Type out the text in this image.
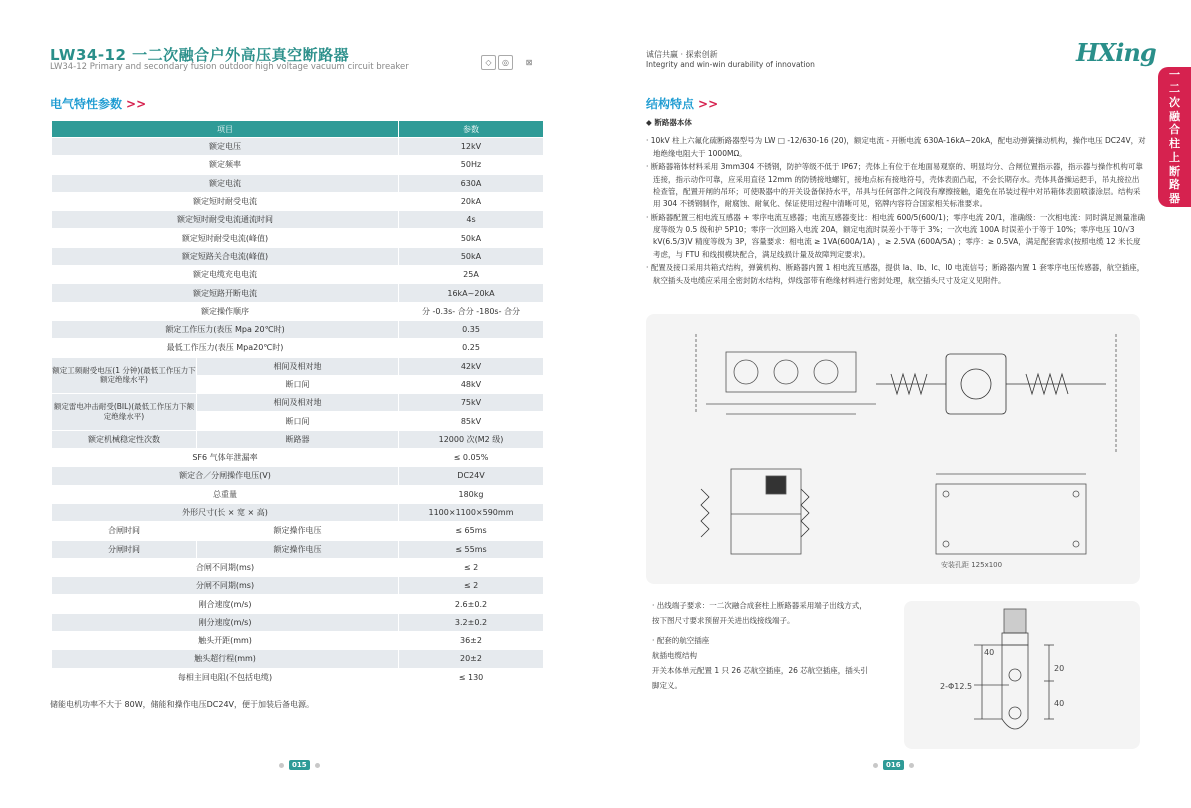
LW34-12 一二次融合户外高压真空断路器
LW34-12 Primary and secondary fusion outdoor high voltage vacuum circuit breaker	◇	◎	⊠
电气特性参数 >>
项目		参数
额定电压		12kV
额定频率		50Hz
额定电流		630A
额定短时耐受电流		20kA
额定短时耐受电流通流时间		4s
额定短时耐受电流(峰值)		50kA
额定短路关合电流(峰值)		50kA
额定电缆充电电流		25A
额定短路开断电流		16kA~20kA
额定操作顺序		分 -0.3s- 合分 -180s- 合分
额定工作压力(表压 Mpa 20℃时)		0.35
最低工作压力(表压 Mpa20℃时)		0.25
额定工频耐受电压(1 分钟)(最低工作压力下额定绝缘水平)	相间及相对地	42kV
	断口间	48kV
额定雷电冲击耐受(BIL)(最低工作压力下额定绝缘水平)	相间及相对地	75kV
	断口间	85kV
额定机械稳定性次数	断路器	12000 次(M2 级)
SF6 气体年泄漏率		≤ 0.05%
额定合／分闸操作电压(V)		DC24V
总重量		180kg
外形尺寸(长 × 宽 × 高)		1100×1100×590mm
合闸时间	额定操作电压	≤ 65ms
分闸时间	额定操作电压	≤ 55ms
合闸不同期(ms)		≤ 2
分闸不同期(ms)		≤ 2
刚合速度(m/s)		2.6±0.2
刚分速度(m/s)		3.2±0.2
触头开距(mm)		36±2
触头超行程(mm)		20±2
每相主回电阻(不包括电缆)		≤ 130
储能电机功率不大于 80W，储能和操作电压DC24V，便于加装后备电源。
015
诚信共赢 · 探索创新
Integrity and win-win durability of innovation	HXing
一
二
次
融
合
柱
上
断
路
器
结构特点 >>
◆ 断路器本体

· 10kV 柱上六氟化硫断路器型号为 LW □ -12/630-16 (20)，额定电流 - 开断电流 630A-16kA~20kA，配电动弹簧操动机构，操作电压 DC24V，对地绝缘电阻大于 1000MΩ。

· 断路器箱体材料采用 3mm304 不锈钢，防护等级不低于 IP67；壳体上有位于在地面易观察的、明显均分、合闸位置指示器，指示器与操作机构可靠连接，指示动作可靠，应采用直径 12mm 的防锈接地螺钉，接地点标有接地符号，壳体表面凸起，不会长期存水。壳体具备操运把手，吊丸接拉出检查管，配置开闸的吊环；可使吸器中的开关设备保持水平，吊具与任何部件之间没有摩擦接触，避免在吊装过程中对吊箱体表面喷漆涂层。结构采用 304 不锈钢制作，耐腐蚀、耐氧化、保证使用过程中清晰可见，铭牌内容符合国家相关标准要求。

· 断路器配置三相电流互感器 + 零序电流互感器；电流互感器变比：相电流 600/5(600/1)；零序电流 20/1，准确级：一次相电流：同时满足测量准确度等级为 0.5 级和护 5P10；零序一次回路入电流 20A，额定电流时误差小于等于 3%；一次电流 100A 时误差小于等于 10%；零序电压 10/√3 kV(6.5/3)V 精度等级为 3P，容量要求：相电流 ≥ 1VA(600A/1A) ，≥ 2.5VA (600A/5A) ；零序：≥ 0.5VA，满足配套需求(按照电缆 12 米长度考虑，与 FTU 和线损模块配合，满足线损计量及故障判定要求)。

· 配置及接口采用共箱式结构，弹簧机构、断路器内置 1 相电流互感器，提供 Ia、Ib、Ic、I0 电流信号；断路器内置 1 套零序电压传感器，航空插座，航空插头及电缆应采用全密封防水结构，焊线部带有绝缘材料进行密封处理，航空插头尺寸及定义见附件。

安装孔距 125x100

· 出线端子要求：一二次融合成套柱上断路器采用端子出线方式，

按下图尺寸要求预留开关进出线接线端子。

· 配套的航空插座

航插电缆结构

开关本体单元配置 1 只 26 芯航空插座，26 芯航空插座，插头引

脚定义。

40
20
40
2-Φ12.5
016
